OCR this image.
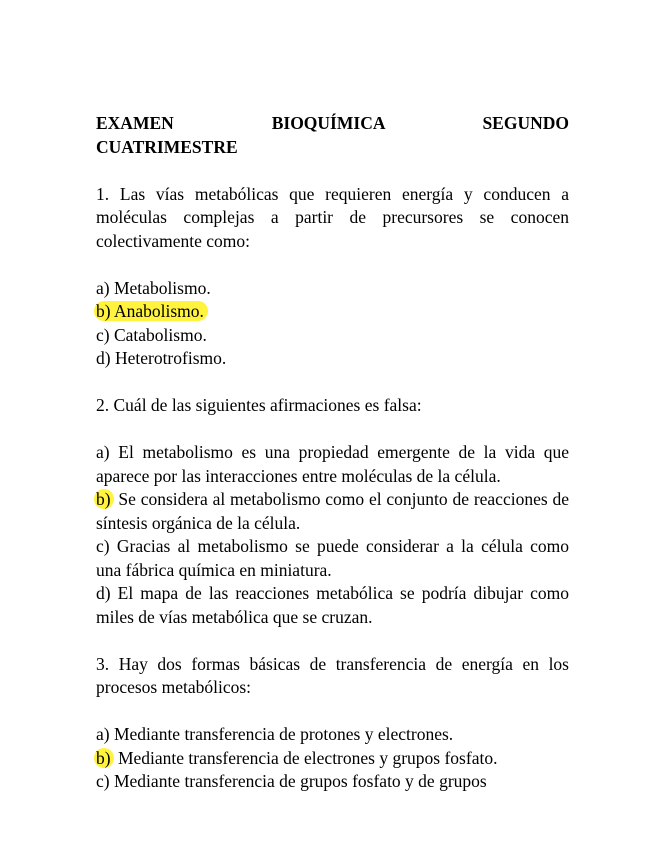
EXAMEN BIOQUÍMICA SEGUNDO

CUATRIMESTRE

1. Las vías metabólicas que requieren energía y conducen a moléculas complejas a partir de precursores se conocen colectivamente como:

a) Metabolismo.
b) Anabolismo.
c) Catabolismo.
d) Heterotrofismo.

2. Cuál de las siguientes afirmaciones es falsa:

a) El metabolismo es una propiedad emergente de la vida que aparece por las interacciones entre moléculas de la célula.
b) Se considera al metabolismo como el conjunto de reacciones de síntesis orgánica de la célula.
c) Gracias al metabolismo se puede considerar a la célula como una fábrica química en miniatura.
d) El mapa de las reacciones metabólica se podría dibujar como miles de vías metabólica que se cruzan.

3. Hay dos formas básicas de transferencia de energía en los procesos metabólicos:

a) Mediante transferencia de protones y electrones.
b) Mediante transferencia de electrones y grupos fosfato.
c) Mediante transferencia de grupos fosfato y de grupos
